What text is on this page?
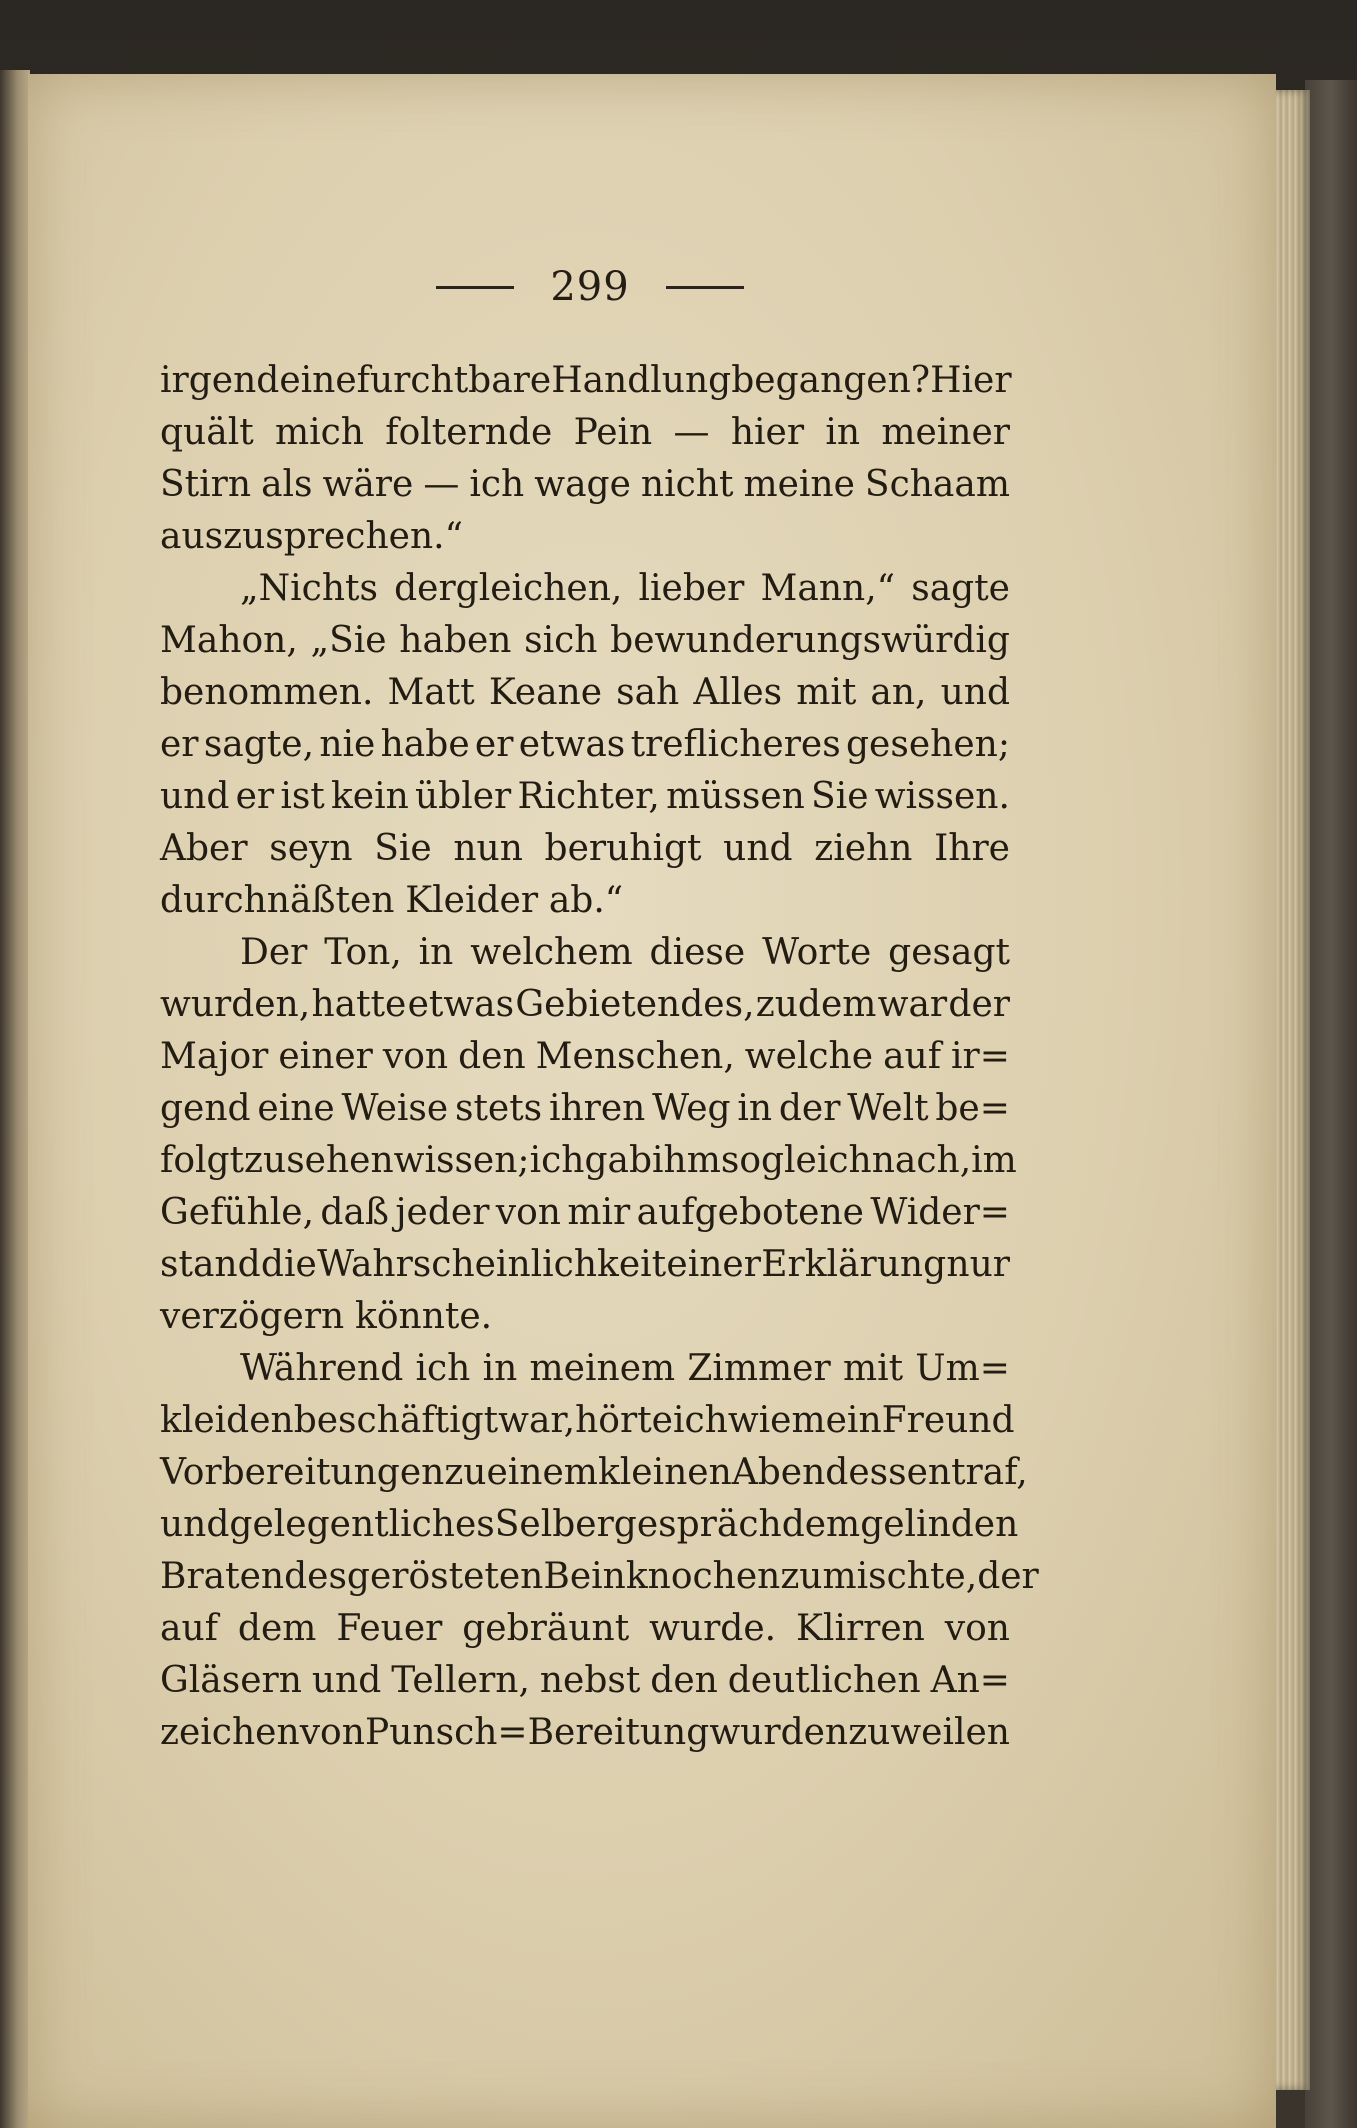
299
irgend eine furchtbare Handlung begangen? Hier
quält mich folternde Pein — hier in meiner
Stirn als wäre — ich wage nicht meine Schaam
auszusprechen.“
„Nichts dergleichen, lieber Mann,“ sagte
Mahon, „Sie haben sich bewunderungswürdig
benommen. Matt Keane sah Alles mit an, und
er sagte, nie habe er etwas treflicheres gesehen;
und er ist kein übler Richter, müssen Sie wissen.
Aber seyn Sie nun beruhigt und ziehn Ihre
durchnäßten Kleider ab.“
Der Ton, in welchem diese Worte gesagt
wurden, hatte etwas Gebietendes, zudem war der
Major einer von den Menschen, welche auf ir=
gend eine Weise stets ihren Weg in der Welt be=
folgt zu sehen wissen; ich gab ihm sogleich nach, im
Gefühle, daß jeder von mir aufgebotene Wider=
stand die Wahrscheinlichkeit einer Erklärung nur
verzögern könnte.
Während ich in meinem Zimmer mit Um=
kleiden beschäftigt war, hörte ich wie mein Freund
Vorbereitungen zu einem kleinen Abendessen traf,
und gelegentliches Selbergespräch dem gelinden
Braten des gerösteten Beinknochen zumischte, der
auf dem Feuer gebräunt wurde. Klirren von
Gläsern und Tellern, nebst den deutlichen An=
zeichen von Punsch=Bereitung wurden zuweilen
